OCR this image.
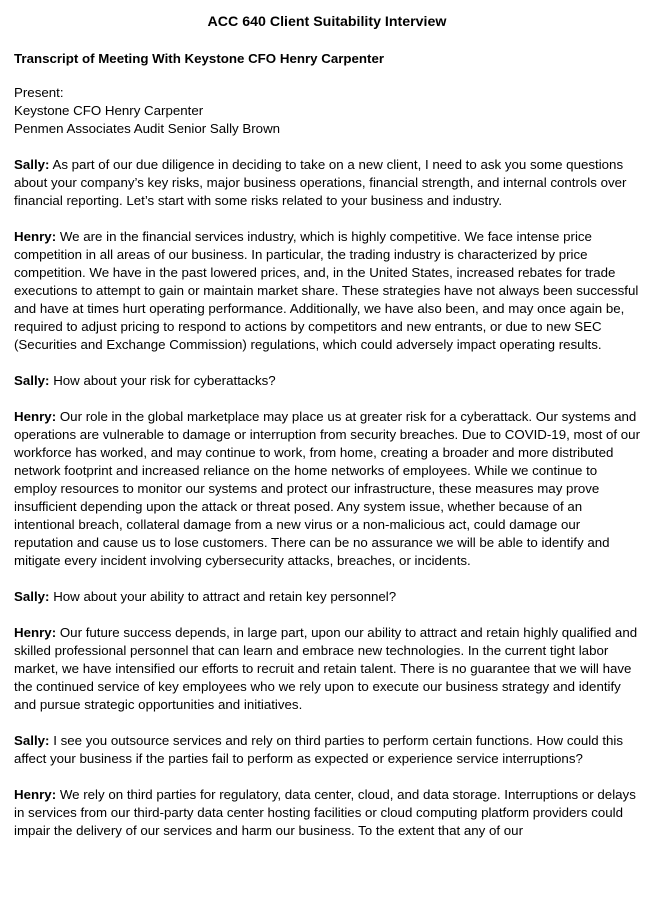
ACC 640 Client Suitability Interview
Transcript of Meeting With Keystone CFO Henry Carpenter
Present:
Keystone CFO Henry Carpenter
Penmen Associates Audit Senior Sally Brown

Sally: As part of our due diligence in deciding to take on a new client, I need to ask you some questions about your company’s key risks, major business operations, financial strength, and internal controls over financial reporting. Let’s start with some risks related to your business and industry.

Henry: We are in the financial services industry, which is highly competitive. We face intense price competition in all areas of our business. In particular, the trading industry is characterized by price competition. We have in the past lowered prices, and, in the United States, increased rebates for trade executions to attempt to gain or maintain market share. These strategies have not always been successful and have at times hurt operating performance. Additionally, we have also been, and may once again be, required to adjust pricing to respond to actions by competitors and new entrants, or due to new SEC (Securities and Exchange Commission) regulations, which could adversely impact operating results.

Sally: How about your risk for cyberattacks?

Henry: Our role in the global marketplace may place us at greater risk for a cyberattack. Our systems and operations are vulnerable to damage or interruption from security breaches. Due to COVID-19, most of our workforce has worked, and may continue to work, from home, creating a broader and more distributed network footprint and increased reliance on the home networks of employees. While we continue to employ resources to monitor our systems and protect our infrastructure, these measures may prove insufficient depending upon the attack or threat posed. Any system issue, whether because of an intentional breach, collateral damage from a new virus or a non-malicious act, could damage our reputation and cause us to lose customers. There can be no assurance we will be able to identify and mitigate every incident involving cybersecurity attacks, breaches, or incidents.

Sally: How about your ability to attract and retain key personnel?

Henry: Our future success depends, in large part, upon our ability to attract and retain highly qualified and skilled professional personnel that can learn and embrace new technologies. In the current tight labor market, we have intensified our efforts to recruit and retain talent. There is no guarantee that we will have the continued service of key employees who we rely upon to execute our business strategy and identify and pursue strategic opportunities and initiatives.

Sally: I see you outsource services and rely on third parties to perform certain functions. How could this affect your business if the parties fail to perform as expected or experience service interruptions?

Henry: We rely on third parties for regulatory, data center, cloud, and data storage. Interruptions or delays in services from our third-party data center hosting facilities or cloud computing platform providers could impair the delivery of our services and harm our business. To the extent that any of our
